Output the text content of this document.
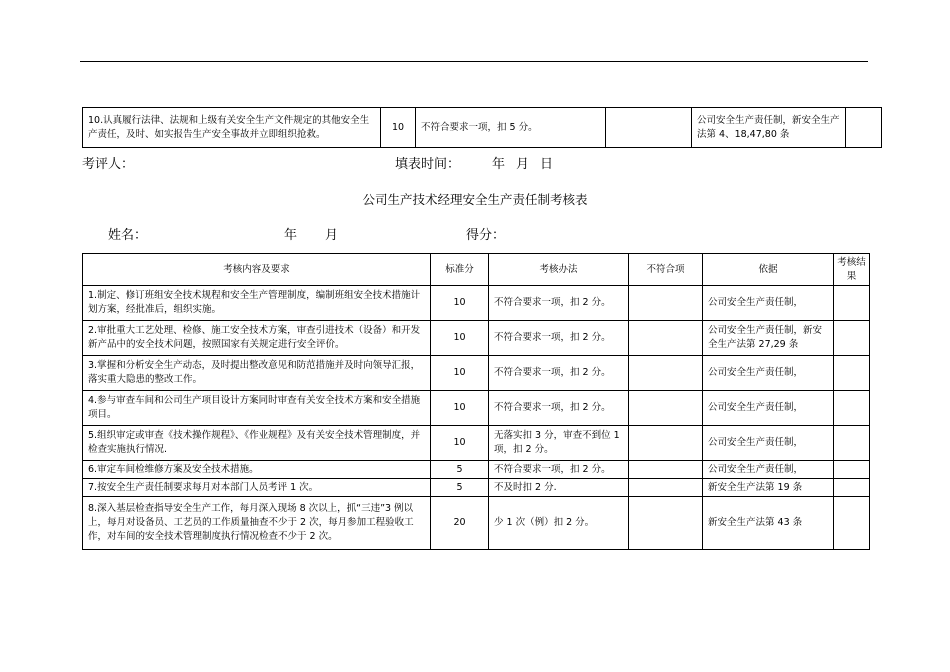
10.认真履行法律、法规和上级有关安全生产文件规定的其他安全生产责任，及时、如实报告生产安全事故并立即组织抢救。	10	不符合要求一项，扣 5 分。		公司安全生产责任制，新安全生产法第 4、18,47,80 条	
考评人：	填表时间： 年 月 日
公司生产技术经理安全生产责任制考核表
姓名：	年 月	得分：
考核内容及要求	标准分	考核办法	不符合项	依据	考核结果
1.制定、修订班组安全技术规程和安全生产管理制度，编制班组安全技术措施计划方案，经批准后，组织实施。	10	不符合要求一项，扣 2 分。		公司安全生产责任制，	
2.审批重大工艺处理、检修、施工安全技术方案，审查引进技术（设备）和开发新产品中的安全技术问题，按照国家有关规定进行安全评价。	10	不符合要求一项，扣 2 分。		公司安全生产责任制，新安全生产法第 27,29 条	
3.掌握和分析安全生产动态，及时提出整改意见和防范措施并及时向领导汇报，落实重大隐患的整改工作。	10	不符合要求一项，扣 2 分。		公司安全生产责任制，	
4.参与审查车间和公司生产项目设计方案同时审查有关安全技术方案和安全措施项目。	10	不符合要求一项，扣 2 分。		公司安全生产责任制，	
5.组织审定或审查《技术操作规程》、《作业规程》及有关安全技术管理制度，并检查实施执行情况.	10	无落实扣 3 分，审查不到位 1 项，扣 2 分。		公司安全生产责任制，	
6.审定车间检维修方案及安全技术措施。	5	不符合要求一项，扣 2 分。		公司安全生产责任制，	
7.按安全生产责任制要求每月对本部门人员考评 1 次。	5	不及时扣 2 分.		新安全生产法第 19 条	
8.深入基层检查指导安全生产工作，每月深入现场 8 次以上，抓“三违”3 例以上，每月对设备员、工艺员的工作质量抽查不少于 2 次，每月参加工程验收工作，对车间的安全技术管理制度执行情况检查不少于 2 次。	20	少 1 次（例）扣 2 分。		新安全生产法第 43 条	
